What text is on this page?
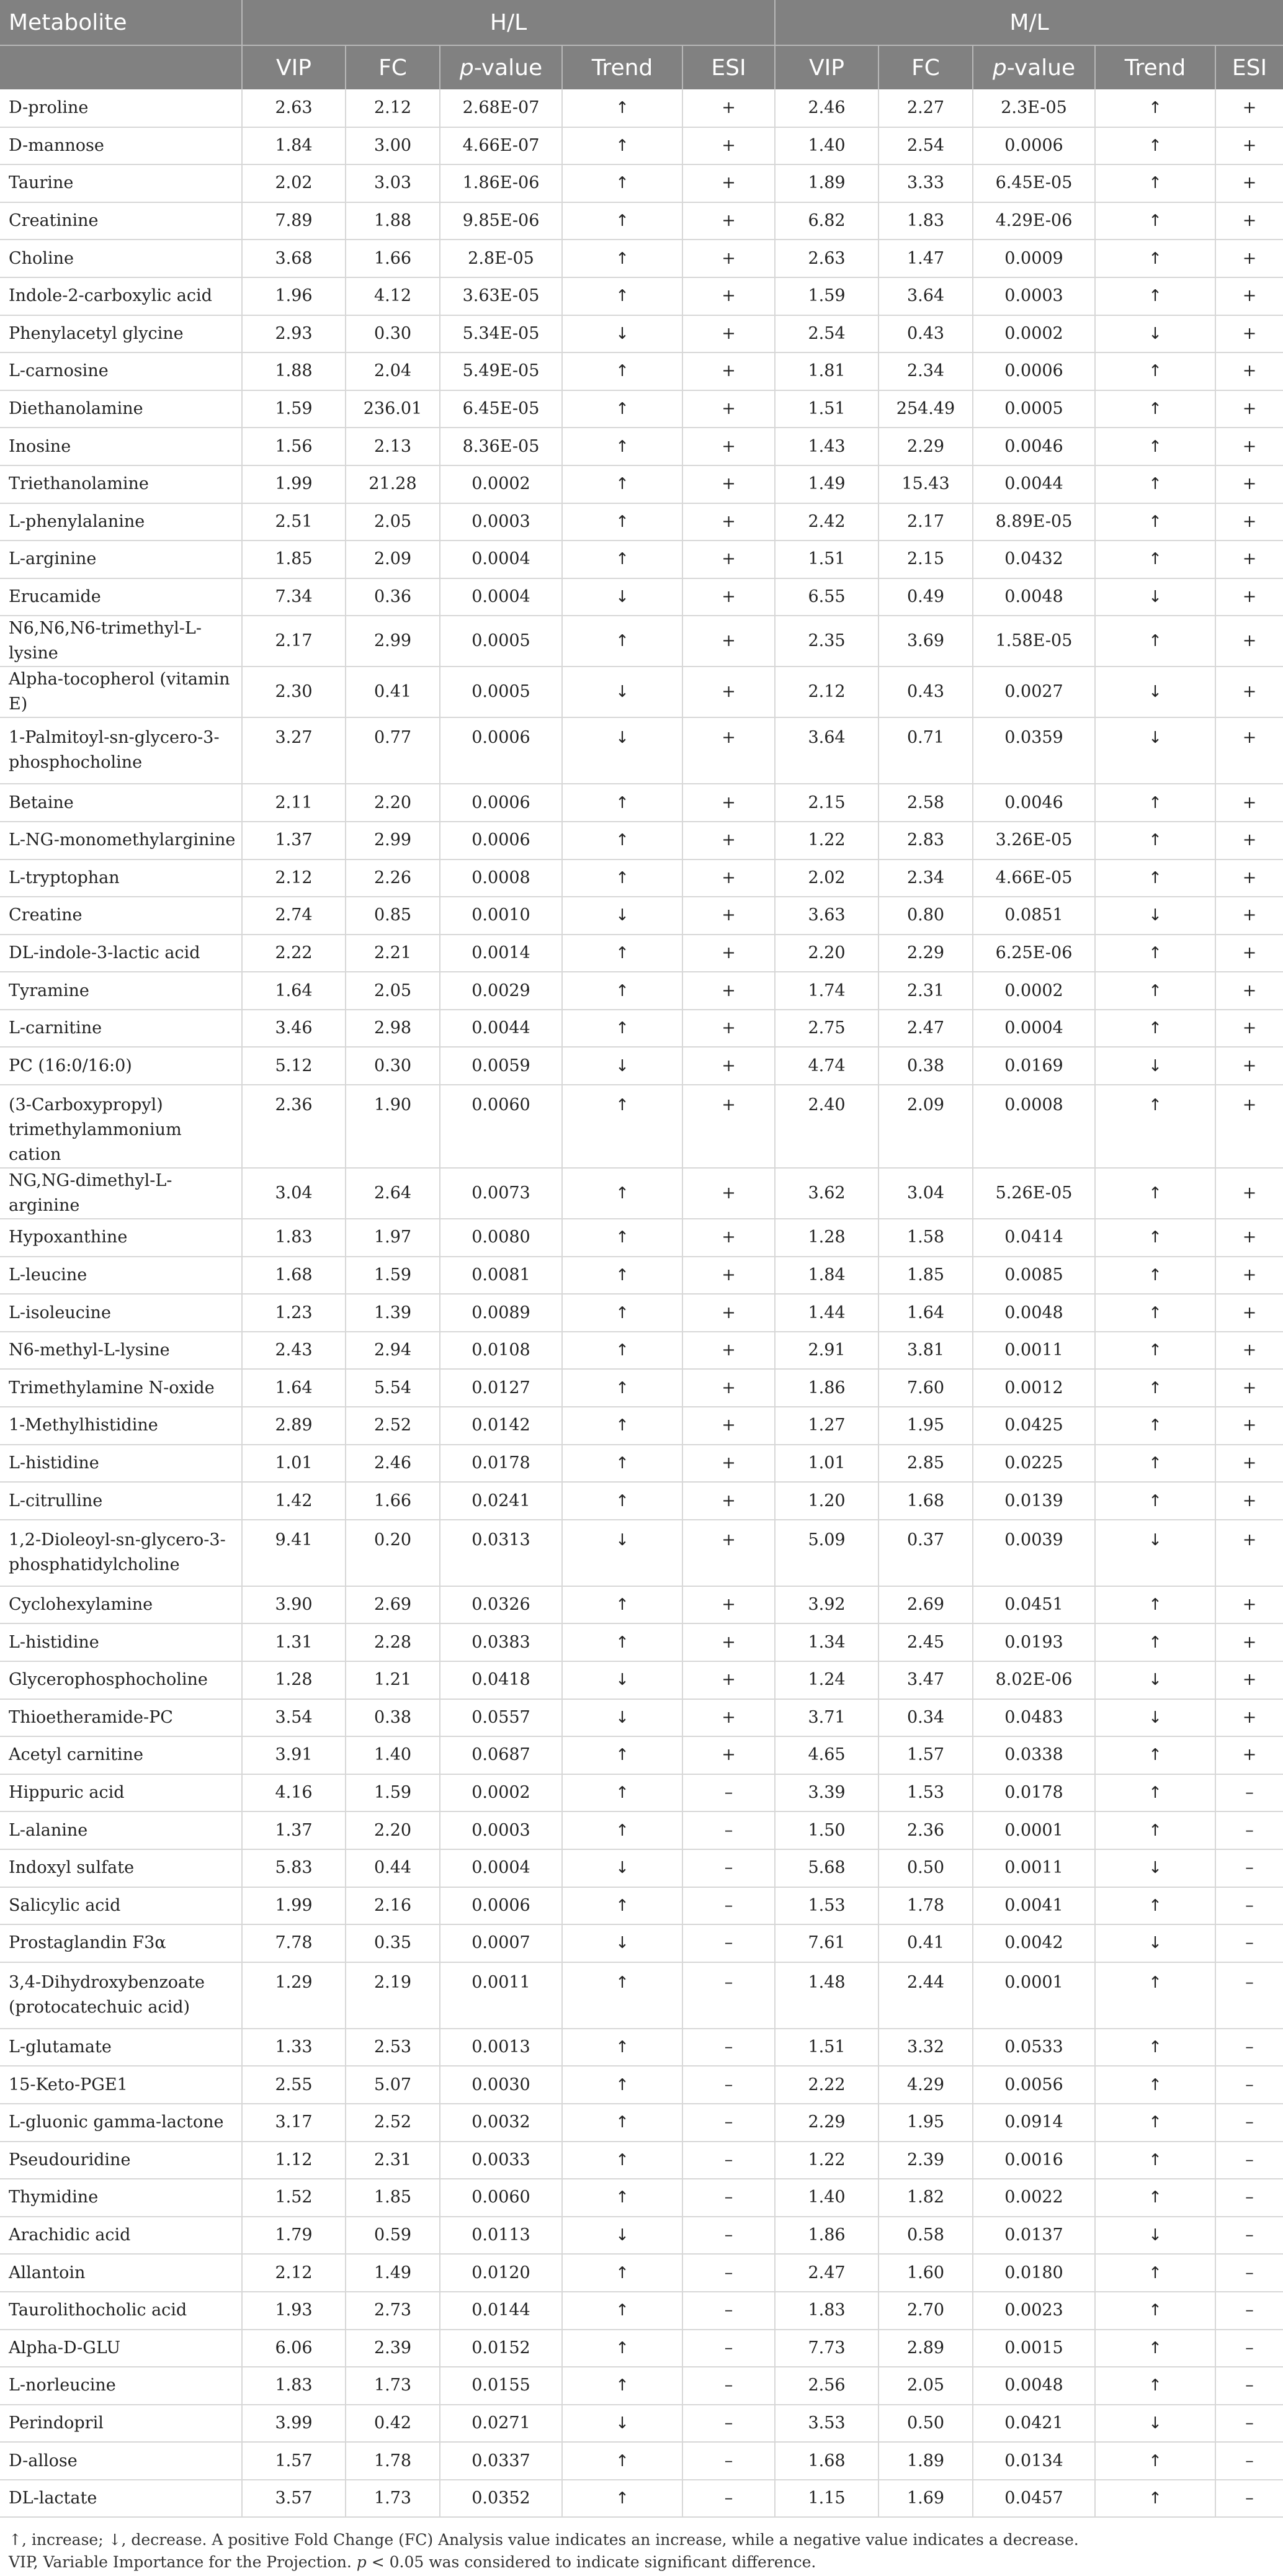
Metabolite	H/L					M/L				
	VIP	FC	p-value	Trend	ESI	VIP	FC	p-value	Trend	ESI
D-proline	2.63	2.12	2.68E-07	↑	+	2.46	2.27	2.3E-05	↑	+
D-mannose	1.84	3.00	4.66E-07	↑	+	1.40	2.54	0.0006	↑	+
Taurine	2.02	3.03	1.86E-06	↑	+	1.89	3.33	6.45E-05	↑	+
Creatinine	7.89	1.88	9.85E-06	↑	+	6.82	1.83	4.29E-06	↑	+
Choline	3.68	1.66	2.8E-05	↑	+	2.63	1.47	0.0009	↑	+
Indole-2-carboxylic acid	1.96	4.12	3.63E-05	↑	+	1.59	3.64	0.0003	↑	+
Phenylacetyl glycine	2.93	0.30	5.34E-05	↓	+	2.54	0.43	0.0002	↓	+
L-carnosine	1.88	2.04	5.49E-05	↑	+	1.81	2.34	0.0006	↑	+
Diethanolamine	1.59	236.01	6.45E-05	↑	+	1.51	254.49	0.0005	↑	+
Inosine	1.56	2.13	8.36E-05	↑	+	1.43	2.29	0.0046	↑	+
Triethanolamine	1.99	21.28	0.0002	↑	+	1.49	15.43	0.0044	↑	+
L-phenylalanine	2.51	2.05	0.0003	↑	+	2.42	2.17	8.89E-05	↑	+
L-arginine	1.85	2.09	0.0004	↑	+	1.51	2.15	0.0432	↑	+
Erucamide	7.34	0.36	0.0004	↓	+	6.55	0.49	0.0048	↓	+
N6,N6,N6-trimethyl-L-lysine	2.17	2.99	0.0005	↑	+	2.35	3.69	1.58E-05	↑	+
Alpha-tocopherol (vitamin E)	2.30	0.41	0.0005	↓	+	2.12	0.43	0.0027	↓	+
1-Palmitoyl-sn-glycero-3-phosphocholine	3.27	0.77	0.0006	↓	+	3.64	0.71	0.0359	↓	+
Betaine	2.11	2.20	0.0006	↑	+	2.15	2.58	0.0046	↑	+
L-NG-monomethylarginine	1.37	2.99	0.0006	↑	+	1.22	2.83	3.26E-05	↑	+
L-tryptophan	2.12	2.26	0.0008	↑	+	2.02	2.34	4.66E-05	↑	+
Creatine	2.74	0.85	0.0010	↓	+	3.63	0.80	0.0851	↓	+
DL-indole-3-lactic acid	2.22	2.21	0.0014	↑	+	2.20	2.29	6.25E-06	↑	+
Tyramine	1.64	2.05	0.0029	↑	+	1.74	2.31	0.0002	↑	+
L-carnitine	3.46	2.98	0.0044	↑	+	2.75	2.47	0.0004	↑	+
PC (16:0/16:0)	5.12	0.30	0.0059	↓	+	4.74	0.38	0.0169	↓	+
(3-Carboxypropyl) trimethylammonium cation	2.36	1.90	0.0060	↑	+	2.40	2.09	0.0008	↑	+
NG,NG-dimethyl-L-arginine	3.04	2.64	0.0073	↑	+	3.62	3.04	5.26E-05	↑	+
Hypoxanthine	1.83	1.97	0.0080	↑	+	1.28	1.58	0.0414	↑	+
L-leucine	1.68	1.59	0.0081	↑	+	1.84	1.85	0.0085	↑	+
L-isoleucine	1.23	1.39	0.0089	↑	+	1.44	1.64	0.0048	↑	+
N6-methyl-L-lysine	2.43	2.94	0.0108	↑	+	2.91	3.81	0.0011	↑	+
Trimethylamine N-oxide	1.64	5.54	0.0127	↑	+	1.86	7.60	0.0012	↑	+
1-Methylhistidine	2.89	2.52	0.0142	↑	+	1.27	1.95	0.0425	↑	+
L-histidine	1.01	2.46	0.0178	↑	+	1.01	2.85	0.0225	↑	+
L-citrulline	1.42	1.66	0.0241	↑	+	1.20	1.68	0.0139	↑	+
1,2-Dioleoyl-sn-glycero-3-phosphatidylcholine	9.41	0.20	0.0313	↓	+	5.09	0.37	0.0039	↓	+
Cyclohexylamine	3.90	2.69	0.0326	↑	+	3.92	2.69	0.0451	↑	+
L-histidine	1.31	2.28	0.0383	↑	+	1.34	2.45	0.0193	↑	+
Glycerophosphocholine	1.28	1.21	0.0418	↓	+	1.24	3.47	8.02E-06	↓	+
Thioetheramide-PC	3.54	0.38	0.0557	↓	+	3.71	0.34	0.0483	↓	+
Acetyl carnitine	3.91	1.40	0.0687	↑	+	4.65	1.57	0.0338	↑	+
Hippuric acid	4.16	1.59	0.0002	↑	–	3.39	1.53	0.0178	↑	–
L-alanine	1.37	2.20	0.0003	↑	–	1.50	2.36	0.0001	↑	–
Indoxyl sulfate	5.83	0.44	0.0004	↓	–	5.68	0.50	0.0011	↓	–
Salicylic acid	1.99	2.16	0.0006	↑	–	1.53	1.78	0.0041	↑	–
Prostaglandin F3α	7.78	0.35	0.0007	↓	–	7.61	0.41	0.0042	↓	–
3,4-Dihydroxybenzoate (protocatechuic acid)	1.29	2.19	0.0011	↑	–	1.48	2.44	0.0001	↑	–
L-glutamate	1.33	2.53	0.0013	↑	–	1.51	3.32	0.0533	↑	–
15-Keto-PGE1	2.55	5.07	0.0030	↑	–	2.22	4.29	0.0056	↑	–
L-gluonic gamma-lactone	3.17	2.52	0.0032	↑	–	2.29	1.95	0.0914	↑	–
Pseudouridine	1.12	2.31	0.0033	↑	–	1.22	2.39	0.0016	↑	–
Thymidine	1.52	1.85	0.0060	↑	–	1.40	1.82	0.0022	↑	–
Arachidic acid	1.79	0.59	0.0113	↓	–	1.86	0.58	0.0137	↓	–
Allantoin	2.12	1.49	0.0120	↑	–	2.47	1.60	0.0180	↑	–
Taurolithocholic acid	1.93	2.73	0.0144	↑	–	1.83	2.70	0.0023	↑	–
Alpha-D-GLU	6.06	2.39	0.0152	↑	–	7.73	2.89	0.0015	↑	–
L-norleucine	1.83	1.73	0.0155	↑	–	2.56	2.05	0.0048	↑	–
Perindopril	3.99	0.42	0.0271	↓	–	3.53	0.50	0.0421	↓	–
D-allose	1.57	1.78	0.0337	↑	–	1.68	1.89	0.0134	↑	–
DL-lactate	3.57	1.73	0.0352	↑	–	1.15	1.69	0.0457	↑	–
↑, increase; ↓, decrease. A positive Fold Change (FC) Analysis value indicates an increase, while a negative value indicates a decrease.
VIP, Variable Importance for the Projection. p < 0.05 was considered to indicate significant difference.
